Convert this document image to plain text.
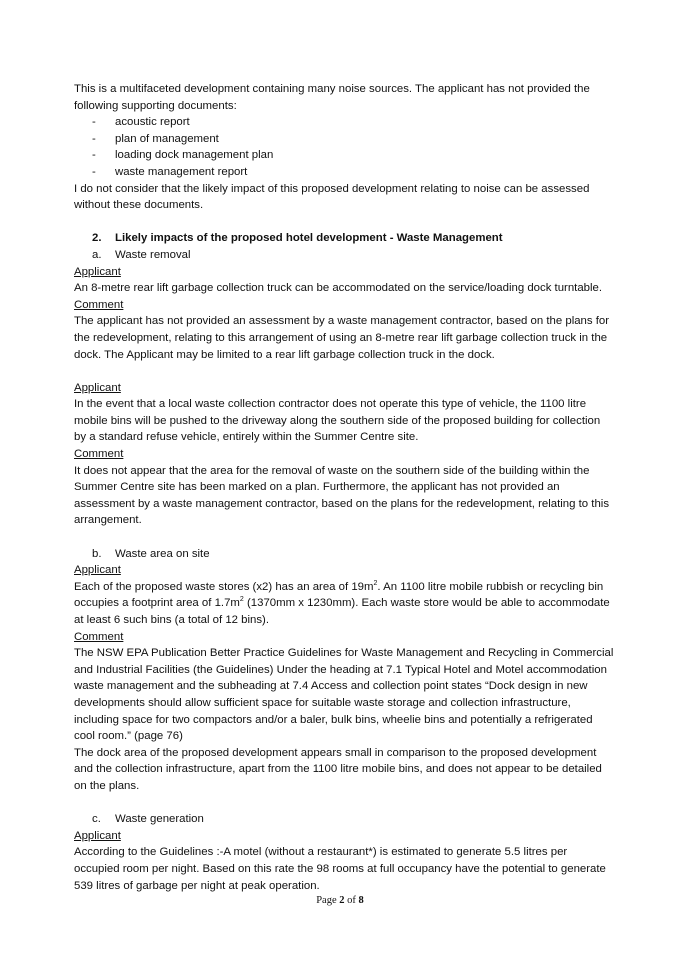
This is a multifaceted development containing many noise sources. The applicant has not provided the following supporting documents:

- acoustic report
- plan of management
- loading dock management plan
- waste management report

I do not consider that the likely impact of this proposed development relating to noise can be assessed without these documents.

2. Likely impacts of the proposed hotel development - Waste Management

a. Waste removal

Applicant

An 8-metre rear lift garbage collection truck can be accommodated on the service/loading dock turntable.

Comment

The applicant has not provided an assessment by a waste management contractor, based on the plans for the redevelopment, relating to this arrangement of using an 8-metre rear lift garbage collection truck in the dock. The Applicant may be limited to a rear lift garbage collection truck in the dock.

Applicant

In the event that a local waste collection contractor does not operate this type of vehicle, the 1100 litre mobile bins will be pushed to the driveway along the southern side of the proposed building for collection by a standard refuse vehicle, entirely within the Summer Centre site.

Comment

It does not appear that the area for the removal of waste on the southern side of the building within the Summer Centre site has been marked on a plan. Furthermore, the applicant has not provided an assessment by a waste management contractor, based on the plans for the redevelopment, relating to this arrangement.

b. Waste area on site

Applicant

Each of the proposed waste stores (x2) has an area of $19m^2$. An 1100 litre mobile rubbish or recycling bin occupies a footprint area of $1.7m^2$ (1370mm x 1230mm). Each waste store would be able to accommodate at least 6 such bins (a total of 12 bins).

Comment

The NSW EPA Publication Better Practice Guidelines for Waste Management and Recycling in Commercial and Industrial Facilities (the Guidelines) Under the heading at 7.1 Typical Hotel and Motel accommodation waste management and the subheading at 7.4 Access and collection point states “Dock design in new developments should allow sufficient space for suitable waste storage and collection infrastructure, including space for two compactors and/or a baler, bulk bins, wheelie bins and potentially a refrigerated cool room.” (page 76)

The dock area of the proposed development appears small in comparison to the proposed development and the collection infrastructure, apart from the 1100 litre mobile bins, and does not appear to be detailed on the plans.

c. Waste generation

Applicant

According to the Guidelines :-A motel (without a restaurant*) is estimated to generate 5.5 litres per occupied room per night. Based on this rate the 98 rooms at full occupancy have the potential to generate 539 litres of garbage per night at peak operation.

Page 2 of 8
